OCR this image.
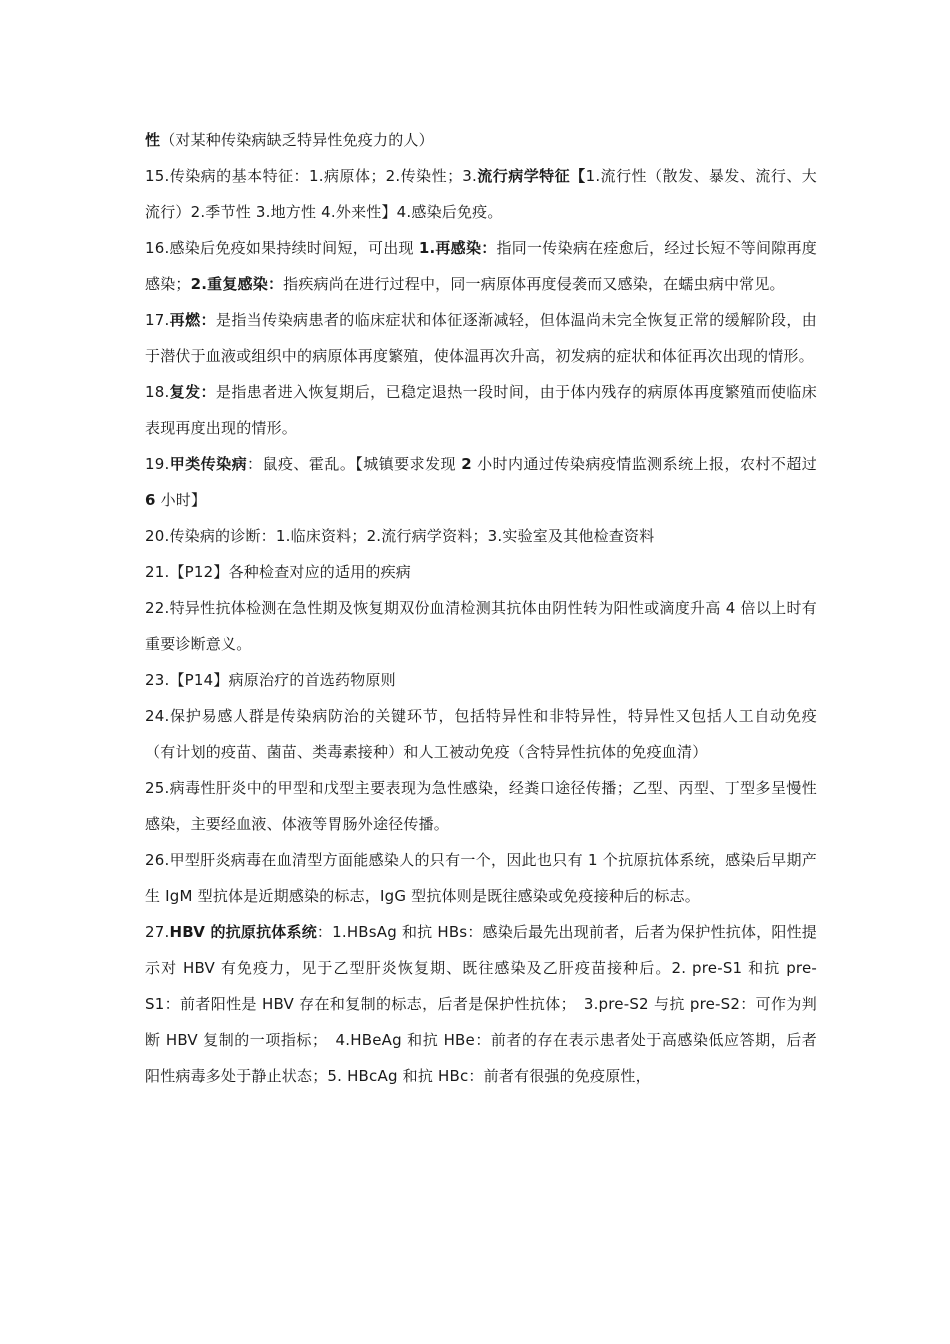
性（对某种传染病缺乏特异性免疫力的人）

15.传染病的基本特征：1.病原体；2.传染性；3.流行病学特征【1.流行性（散发、暴发、流行、大流行）2.季节性 3.地方性 4.外来性】4.感染后免疫。

16.感染后免疫如果持续时间短，可出现 1.再感染：指同一传染病在痊愈后，经过长短不等间隙再度感染；2.重复感染：指疾病尚在进行过程中，同一病原体再度侵袭而又感染，在蠕虫病中常见。

17.再燃：是指当传染病患者的临床症状和体征逐渐减轻，但体温尚未完全恢复正常的缓解阶段，由于潜伏于血液或组织中的病原体再度繁殖，使体温再次升高，初发病的症状和体征再次出现的情形。

18.复发：是指患者进入恢复期后，已稳定退热一段时间，由于体内残存的病原体再度繁殖而使临床表现再度出现的情形。

19.甲类传染病：鼠疫、霍乱。【城镇要求发现 2 小时内通过传染病疫情监测系统上报，农村不超过 6 小时】

20.传染病的诊断：1.临床资料；2.流行病学资料；3.实验室及其他检查资料

21.【P12】各种检查对应的适用的疾病

22.特异性抗体检测在急性期及恢复期双份血清检测其抗体由阴性转为阳性或滴度升高 4 倍以上时有重要诊断意义。

23.【P14】病原治疗的首选药物原则

24.保护易感人群是传染病防治的关键环节，包括特异性和非特异性，特异性又包括人工自动免疫（有计划的疫苗、菌苗、类毒素接种）和人工被动免疫（含特异性抗体的免疫血清）

25.病毒性肝炎中的甲型和戊型主要表现为急性感染，经粪口途径传播；乙型、丙型、丁型多呈慢性感染，主要经血液、体液等胃肠外途径传播。

26.甲型肝炎病毒在血清型方面能感染人的只有一个，因此也只有 1 个抗原抗体系统，感染后早期产生 IgM 型抗体是近期感染的标志，IgG 型抗体则是既往感染或免疫接种后的标志。

27.HBV 的抗原抗体系统：1.HBsAg 和抗 HBs：感染后最先出现前者，后者为保护性抗体，阳性提示对 HBV 有免疫力，见于乙型肝炎恢复期、既往感染及乙肝疫苗接种后。2. pre-S1 和抗 pre-S1：前者阳性是 HBV 存在和复制的标志，后者是保护性抗体；　3.pre-S2 与抗 pre-S2：可作为判断 HBV 复制的一项指标；　4.HBeAg 和抗 HBe：前者的存在表示患者处于高感染低应答期，后者阳性病毒多处于静止状态；5. HBcAg 和抗 HBc：前者有很强的免疫原性，
